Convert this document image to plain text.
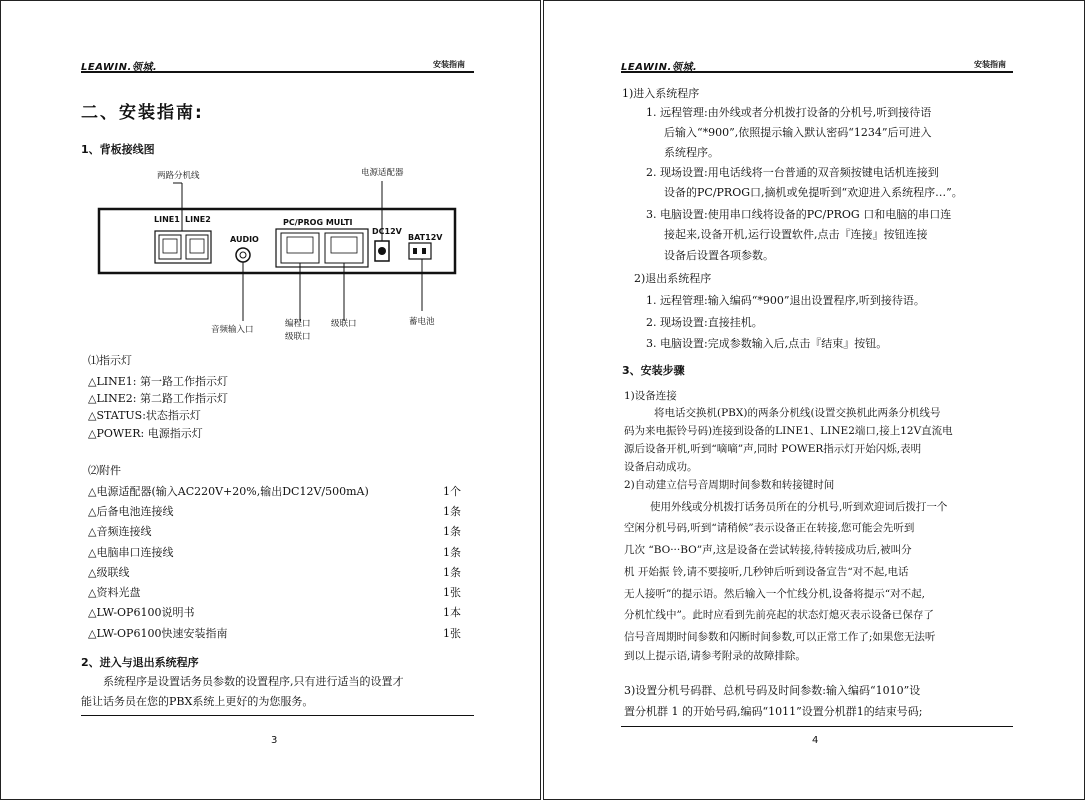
LEAWIN.领城.	安装指南
二、安装指南:
1、背板接线图
两路分机线	电源适配器
LINE1 LINE2
AUDIO
PC/PROG MULTI
DC12V
BAT12V
音频输入口
编程口
级联口
级联口	蓄电池
⑴指示灯
△LINE1: 第一路工作指示灯
△LINE2: 第二路工作指示灯
△STATUS:状态指示灯
△POWER: 电源指示灯
⑵附件
△电源适配器(输入AC220V+20%,输出DC12V/500mA)	1个
△后备电池连接线	1条
△音频连接线	1条
△电脑串口连接线	1条
△级联线	1条
△资料光盘	1张
△LW-OP6100说明书	1本
△LW-OP6100快速安装指南	1张
2、进入与退出系统程序
系统程序是设置话务员参数的设置程序,只有进行适当的设置才
能让话务员在您的PBX系统上更好的为您服务。
3
LEAWIN.领城.	安装指南
1)进入系统程序
1. 远程管理:由外线或者分机拨打设备的分机号,听到接待语
后输入“*900”,依照提示输入默认密码“1234”后可进入
系统程序。
2. 现场设置:用电话线将一台普通的双音频按键电话机连接到
设备的PC/PROG口,摘机或免提听到“欢迎进入系统程序…”。
3. 电脑设置:使用串口线将设备的PC/PROG 口和电脑的串口连
接起来,设备开机,运行设置软件,点击『连接』按钮连接
设备后设置各项参数。
2)退出系统程序
1. 远程管理:输入编码“*900”退出设置程序,听到接待语。
2. 现场设置:直接挂机。
3. 电脑设置:完成参数输入后,点击『结束』按钮。
3、安装步骤
1)设备连接
将电话交换机(PBX)的两条分机线(设置交换机此两条分机线号
码为来电振铃号码)连接到设备的LINE1、LINE2端口,接上12V直流电
源后设备开机,听到“嘀嘀”声,同时 POWER指示灯开始闪烁,表明
设备启动成功。
2)自动建立信号音周期时间参数和转接键时间
使用外线或分机拨打话务员所在的分机号,听到欢迎词后拨打一个
空闲分机号码,听到“请稍候”表示设备正在转接,您可能会先听到
几次 “BO···BO”声,这是设备在尝试转接,待转接成功后,被叫分
机 开始振 铃,请不要接听,几秒钟后听到设备宣告“对不起,电话
无人接听”的提示语。然后输入一个忙线分机,设备将提示“对不起,
分机忙线中”。此时应看到先前亮起的状态灯熄灭表示设备已保存了
信号音周期时间参数和闪断时间参数,可以正常工作了;如果您无法听
到以上提示语,请参考附录的故障排除。
3)设置分机号码群、总机号码及时间参数:输入编码“1010”设
置分机群 1 的开始号码,编码“1011”设置分机群1的结束号码;
4
